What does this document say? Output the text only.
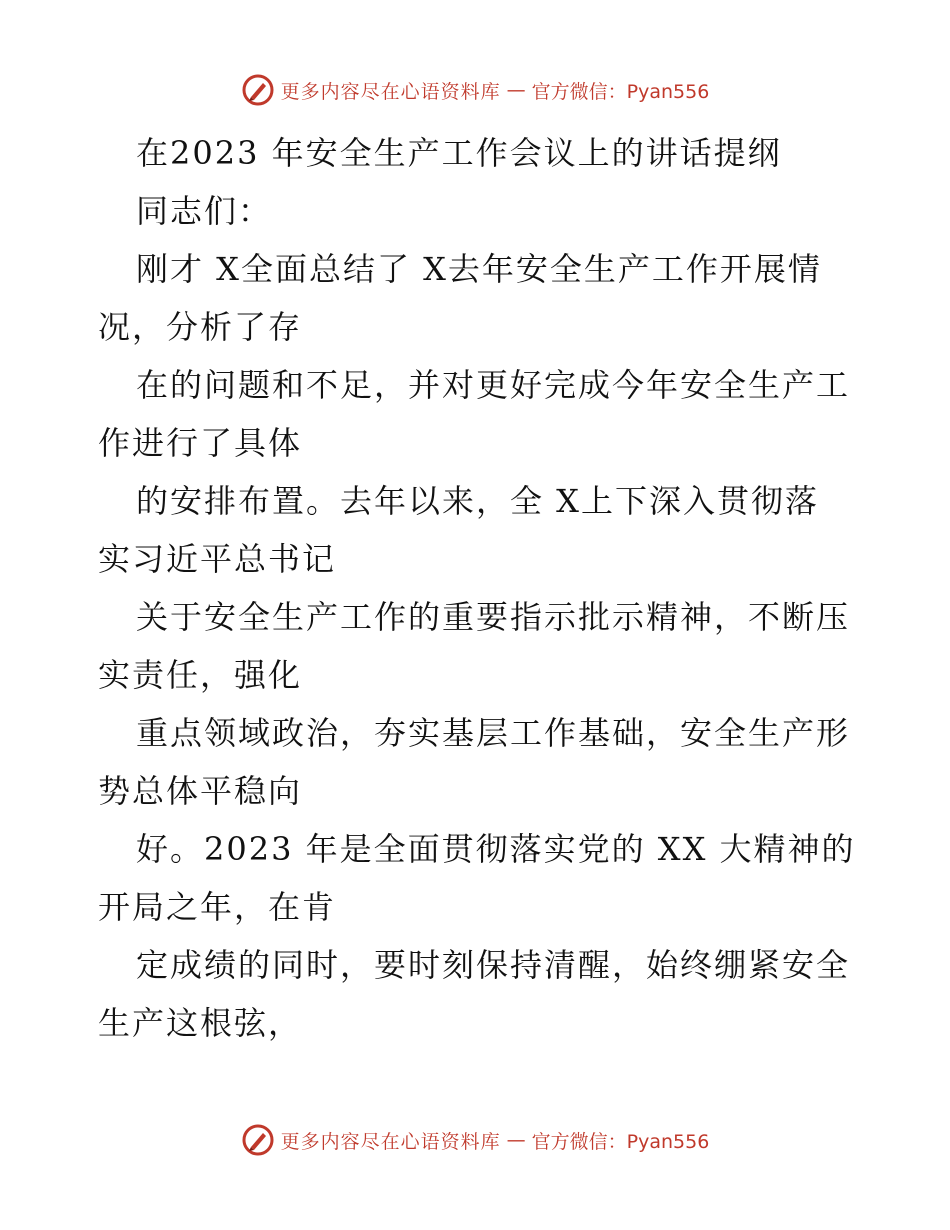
更多内容尽在心语资料库 — 官方微信：Pyan556

在2023 年安全生产工作会议上的讲话提纲

同志们：

刚才 X全面总结了 X去年安全生产工作开展情

况，分析了存

在的问题和不足，并对更好完成今年安全生产工

作进行了具体

的安排布置。去年以来，全 X上下深入贯彻落

实习近平总书记

关于安全生产工作的重要指示批示精神，不断压

实责任，强化

重点领域政治，夯实基层工作基础，安全生产形

势总体平稳向

好。2023 年是全面贯彻落实党的 XX 大精神的

开局之年，在肯

定成绩的同时，要时刻保持清醒，始终绷紧安全

生产这根弦，

更多内容尽在心语资料库 — 官方微信：Pyan556
